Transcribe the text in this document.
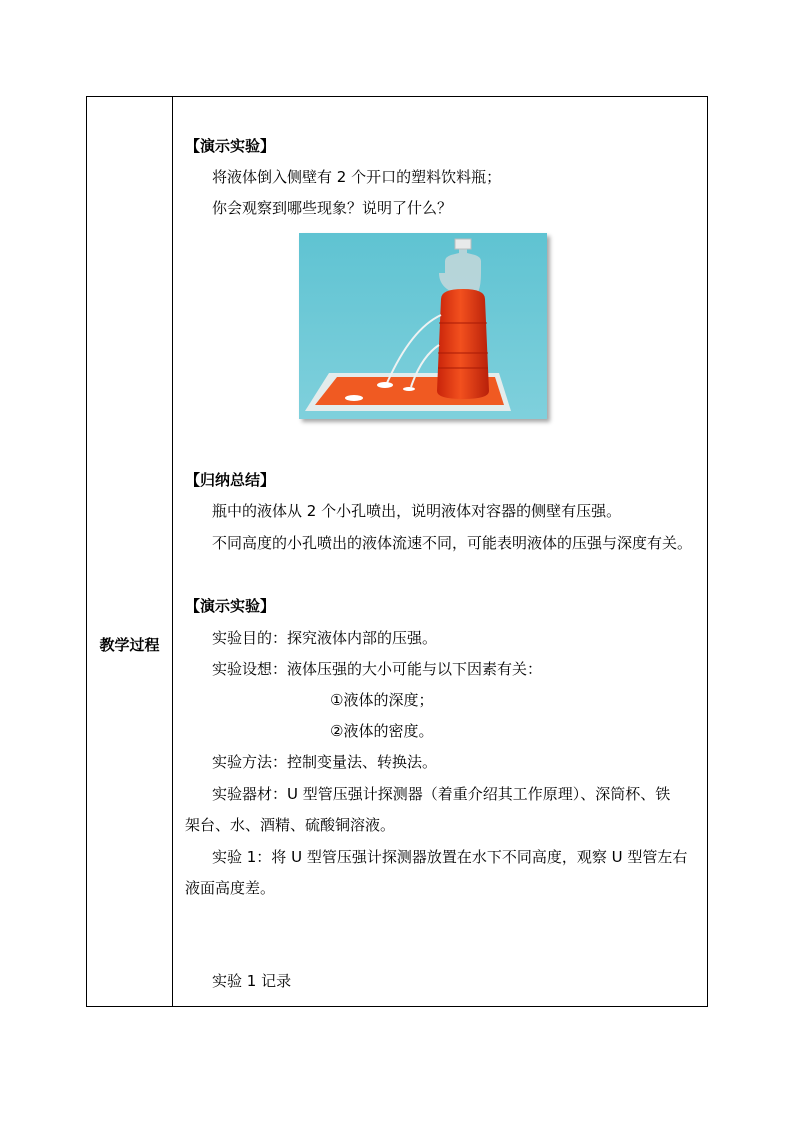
教学过程
【演示实验】
将液体倒入侧壁有 2 个开口的塑料饮料瓶；
你会观察到哪些现象？说明了什么？
【归纳总结】
瓶中的液体从 2 个小孔喷出，说明液体对容器的侧壁有压强。
不同高度的小孔喷出的液体流速不同，可能表明液体的压强与深度有关。
【演示实验】
实验目的：探究液体内部的压强。
实验设想：液体压强的大小可能与以下因素有关：
①液体的深度；
②液体的密度。
实验方法：控制变量法、转换法。
实验器材：U 型管压强计探测器（着重介绍其工作原理）、深筒杯、铁
架台、水、酒精、硫酸铜溶液。
实验 1：将 U 型管压强计探测器放置在水下不同高度，观察 U 型管左右
液面高度差。
实验 1 记录
